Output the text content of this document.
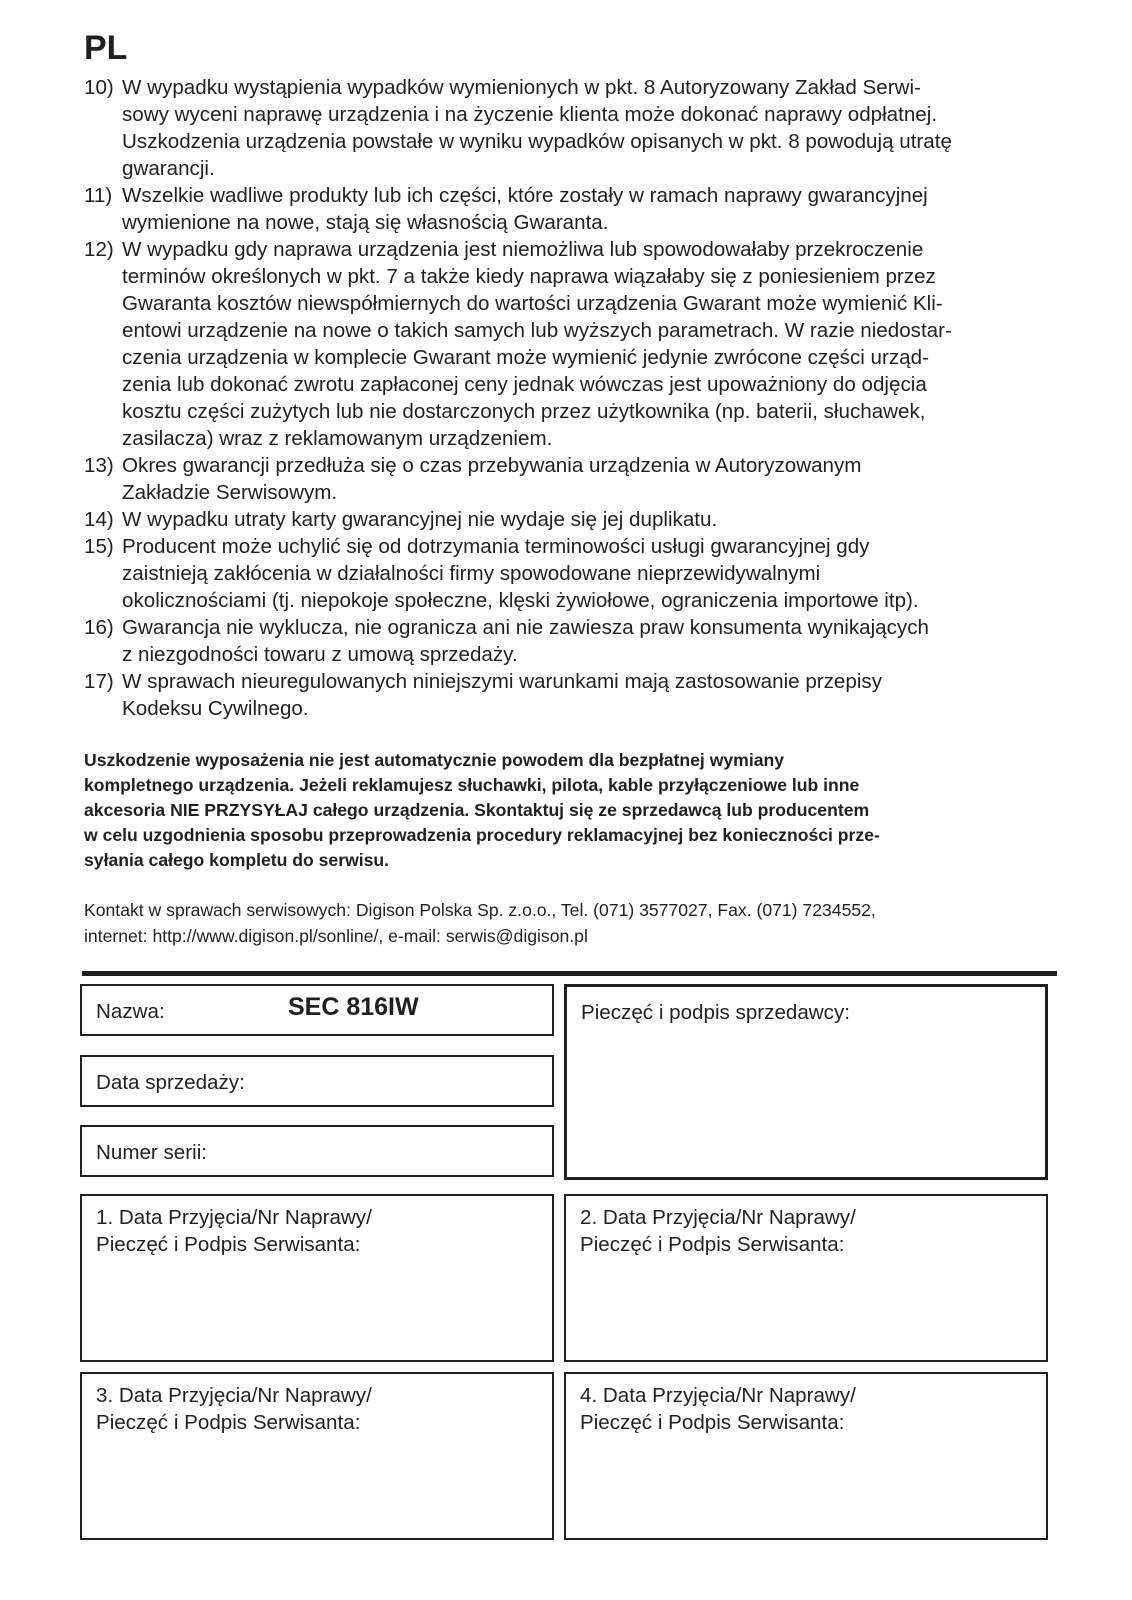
PL
10) W wypadku wystąpienia wypadków wymienionych w pkt. 8 Autoryzowany Zakład Serwi-
sowy wyceni naprawę urządzenia i na życzenie klienta może dokonać naprawy odpłatnej.
Uszkodzenia urządzenia powstałe w wyniku wypadków opisanych w pkt. 8 powodują utratę
gwarancji.
11) Wszelkie wadliwe produkty lub ich części, które zostały w ramach naprawy gwarancyjnej
wymienione na nowe, stają się własnością Gwaranta.
12) W wypadku gdy naprawa urządzenia jest niemożliwa lub spowodowałaby przekroczenie
terminów określonych w pkt. 7 a także kiedy naprawa wiązałaby się z poniesieniem przez
Gwaranta kosztów niewspółmiernych do wartości urządzenia Gwarant może wymienić Kli-
entowi urządzenie na nowe o takich samych lub wyższych parametrach. W razie niedostar-
czenia urządzenia w komplecie Gwarant może wymienić jedynie zwrócone części urząd-
zenia lub dokonać zwrotu zapłaconej ceny jednak wówczas jest upoważniony do odjęcia
kosztu części zużytych lub nie dostarczonych przez użytkownika (np. baterii, słuchawek,
zasilacza) wraz z reklamowanym urządzeniem.
13) Okres gwarancji przedłuża się o czas przebywania urządzenia w Autoryzowanym
Zakładzie Serwisowym.
14) W wypadku utraty karty gwarancyjnej nie wydaje się jej duplikatu.
15) Producent może uchylić się od dotrzymania terminowości usługi gwarancyjnej gdy
zaistnieją zakłócenia w działalności firmy spowodowane nieprzewidywalnymi
okolicznościami (tj. niepokoje społeczne, klęski żywiołowe, ograniczenia importowe itp).
16) Gwarancja nie wyklucza, nie ogranicza ani nie zawiesza praw konsumenta wynikających
z niezgodności towaru z umową sprzedaży.
17) W sprawach nieuregulowanych niniejszymi warunkami mają zastosowanie przepisy
Kodeksu Cywilnego.
Uszkodzenie wyposażenia nie jest automatycznie powodem dla bezpłatnej wymiany
kompletnego urządzenia. Jeżeli reklamujesz słuchawki, pilota, kable przyłączeniowe lub inne
akcesoria NIE PRZYSYŁAJ całego urządzenia. Skontaktuj się ze sprzedawcą lub producentem
w celu uzgodnienia sposobu przeprowadzenia procedury reklamacyjnej bez konieczności prze-
syłania całego kompletu do serwisu.
Kontakt w sprawach serwisowych: Digison Polska Sp. z.o.o., Tel. (071) 3577027, Fax. (071) 7234552,
internet: http://www.digison.pl/sonline/, e-mail: serwis@digison.pl
Nazwa:	SEC 816IW
Data sprzedaży:
Numer serii:
Pieczęć i podpis sprzedawcy:
1. Data Przyjęcia/Nr Naprawy/
Pieczęć i Podpis Serwisanta:
2. Data Przyjęcia/Nr Naprawy/
Pieczęć i Podpis Serwisanta:
3. Data Przyjęcia/Nr Naprawy/
Pieczęć i Podpis Serwisanta:
4. Data Przyjęcia/Nr Naprawy/
Pieczęć i Podpis Serwisanta:
